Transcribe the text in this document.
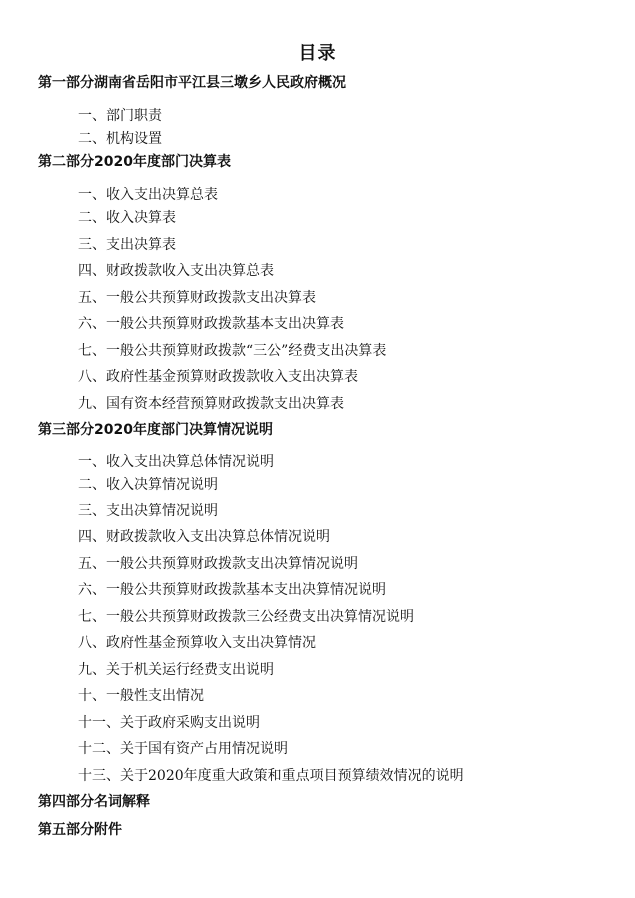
目录
第一部分湖南省岳阳市平江县三墩乡人民政府概况
一、部门职责
二、机构设置
第二部分2020年度部门决算表
一、收入支出决算总表
二、收入决算表
三、支出决算表
四、财政拨款收入支出决算总表
五、一般公共预算财政拨款支出决算表
六、一般公共预算财政拨款基本支出决算表
七、一般公共预算财政拨款“三公”经费支出决算表
八、政府性基金预算财政拨款收入支出决算表
九、国有资本经营预算财政拨款支出决算表
第三部分2020年度部门决算情况说明
一、收入支出决算总体情况说明
二、收入决算情况说明
三、支出决算情况说明
四、财政拨款收入支出决算总体情况说明
五、一般公共预算财政拨款支出决算情况说明
六、一般公共预算财政拨款基本支出决算情况说明
七、一般公共预算财政拨款三公经费支出决算情况说明
八、政府性基金预算收入支出决算情况
九、关于机关运行经费支出说明
十、一般性支出情况
十一、关于政府采购支出说明
十二、关于国有资产占用情况说明
十三、关于2020年度重大政策和重点项目预算绩效情况的说明
第四部分名词解释
第五部分附件
